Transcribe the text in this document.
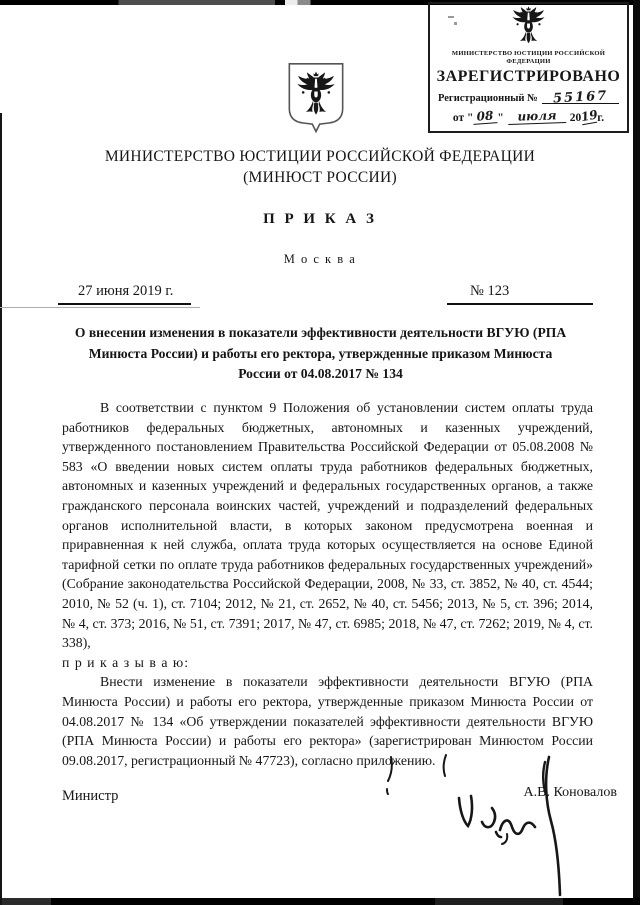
МИНИСТЕРСТВО ЮСТИЦИИ РОССИЙСКОЙ ФЕДЕРАЦИИ
ЗАРЕГИСТРИРОВАНО
Регистрационный №	55167
от
" 08 "	июля	20
19
г.
МИНИСТЕРСТВО ЮСТИЦИИ РОССИЙСКОЙ ФЕДЕРАЦИИ
(МИНЮСТ РОССИИ)
П Р И К А З
М о с к в а
27 июня 2019 г.	№ 123
О внесении изменения в показатели эффективности деятельности ВГУЮ (РПА Минюста России) и работы его ректора, утвержденные приказом Минюста России от 04.08.2017 № 134

В соответствии с пунктом 9 Положения об установлении систем оплаты труда работников федеральных бюджетных, автономных и казенных учреждений, утвержденного постановлением Правительства Российской Федерации от 05.08.2008 № 583 «О введении новых систем оплаты труда работников федеральных бюджетных, автономных и казенных учреждений и федеральных государственных органов, а также гражданского персонала воинских частей, учреждений и подразделений федеральных органов исполнительной власти, в которых законом предусмотрена военная и приравненная к ней служба, оплата труда которых осуществляется на основе Единой тарифной сетки по оплате труда работников федеральных государственных учреждений» (Собрание законодательства Российской Федерации, 2008, № 33, ст. 3852, № 40, ст. 4544; 2010, № 52 (ч. 1), ст. 7104; 2012, № 21, ст. 2652, № 40, ст. 5456; 2013, № 5, ст. 396; 2014, № 4, ст. 373; 2016, № 51, ст. 7391; 2017, № 47, ст. 6985; 2018, № 47, ст. 7262; 2019, № 4, ст. 338),

п р и к а з ы в а ю:

Внести изменение в показатели эффективности деятельности ВГУЮ (РПА Минюста России) и работы его ректора, утвержденные приказом Минюста России от 04.08.2017 № 134 «Об утверждении показателей эффективности деятельности ВГУЮ (РПА Минюста России) и работы его ректора» (зарегистрирован Минюстом России 09.08.2017, регистрационный № 47723), согласно приложению.

Министр	А.В. Коновалов
